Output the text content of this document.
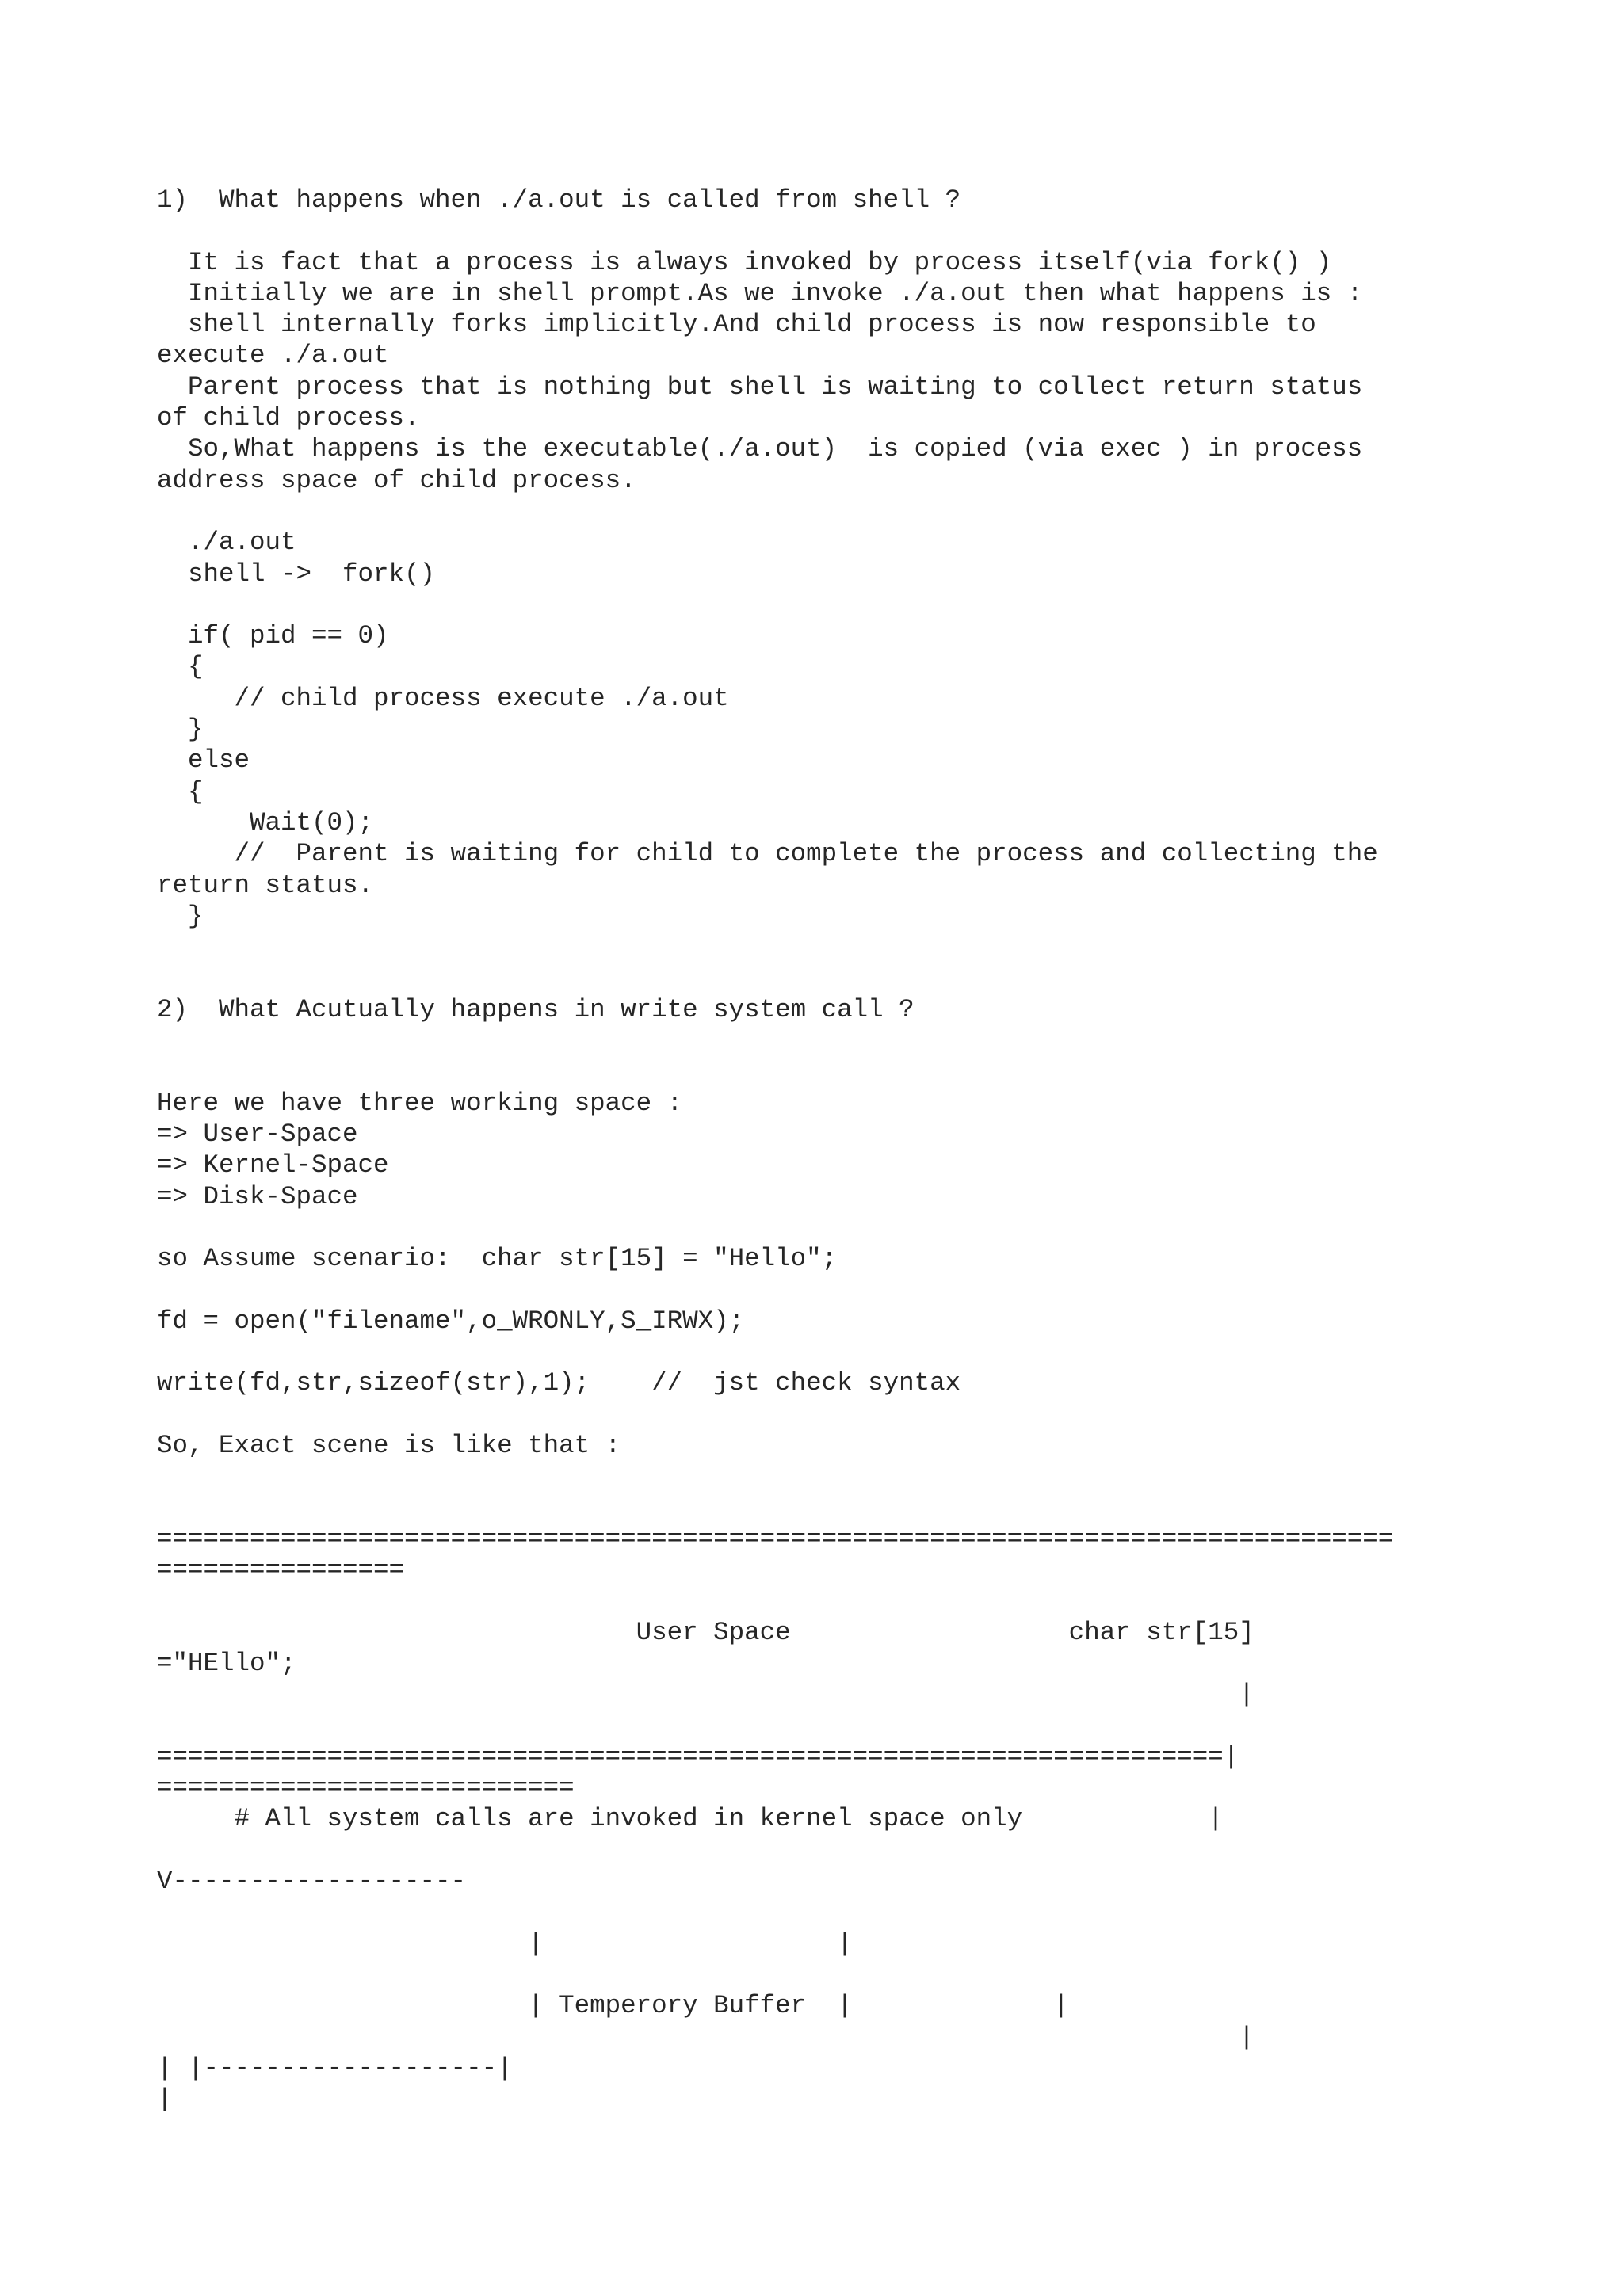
1)  What happens when ./a.out is called from shell ?
It is fact that a process is always invoked by process itself(via fork() )
Initially we are in shell prompt.As we invoke ./a.out then what happens is :
shell internally forks implicitly.And child process is now responsible to
execute ./a.out
Parent process that is nothing but shell is waiting to collect return status
of child process.
So,What happens is the executable(./a.out)  is copied (via exec ) in process
address space of child process.
./a.out
shell ->  fork()
if( pid == 0)
{
// child process execute ./a.out
}
else
{
Wait(0);
//  Parent is waiting for child to complete the process and collecting the
return status.
}
2)  What Acutually happens in write system call ?
Here we have three working space :
=> User-Space
=> Kernel-Space
=> Disk-Space
so Assume scenario:  char str[15] = "Hello";
fd = open("filename",o_WRONLY,S_IRWX);
write(fd,str,sizeof(str),1);    //  jst check syntax
So, Exact scene is like that :
================================================================================
================
User Space                  char str[15]
="HEllo";
|
=====================================================================|
===========================
# All system calls are invoked in kernel space only            |
V-------------------
|                   |
| Temperory Buffer  |             |
|
| |-------------------|
|
